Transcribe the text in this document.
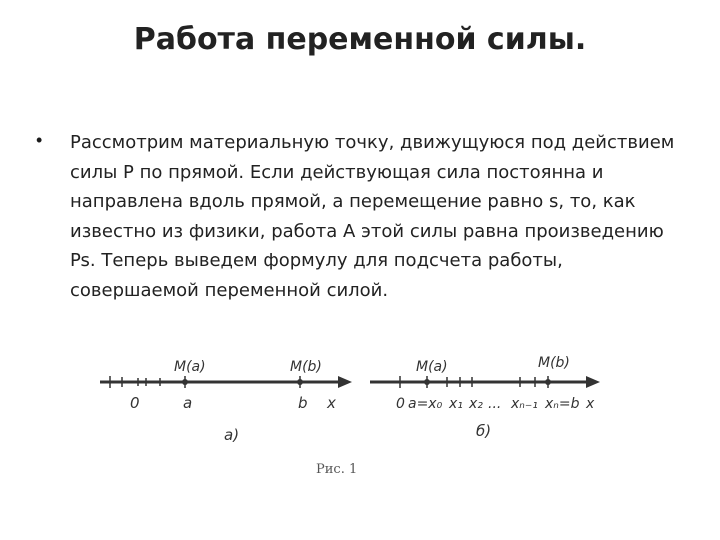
Работа переменной силы.
• Рассмотрим материальную точку, движущуюся под действием силы P по прямой. Если действующая сила постоянна и направлена вдоль прямой, а перемещение равно s, то, как известно из физики, работа A этой силы равна произведению Ps. Теперь выведем формулу для подсчета работы, совершаемой переменной силой.
M(a)	M(b)
0	a	b x
а)
M(a)	M(b)
0 a=x₀ x₁ x₂ ... xₙ₋₁ xₙ=b x
б)
Рис. 1
